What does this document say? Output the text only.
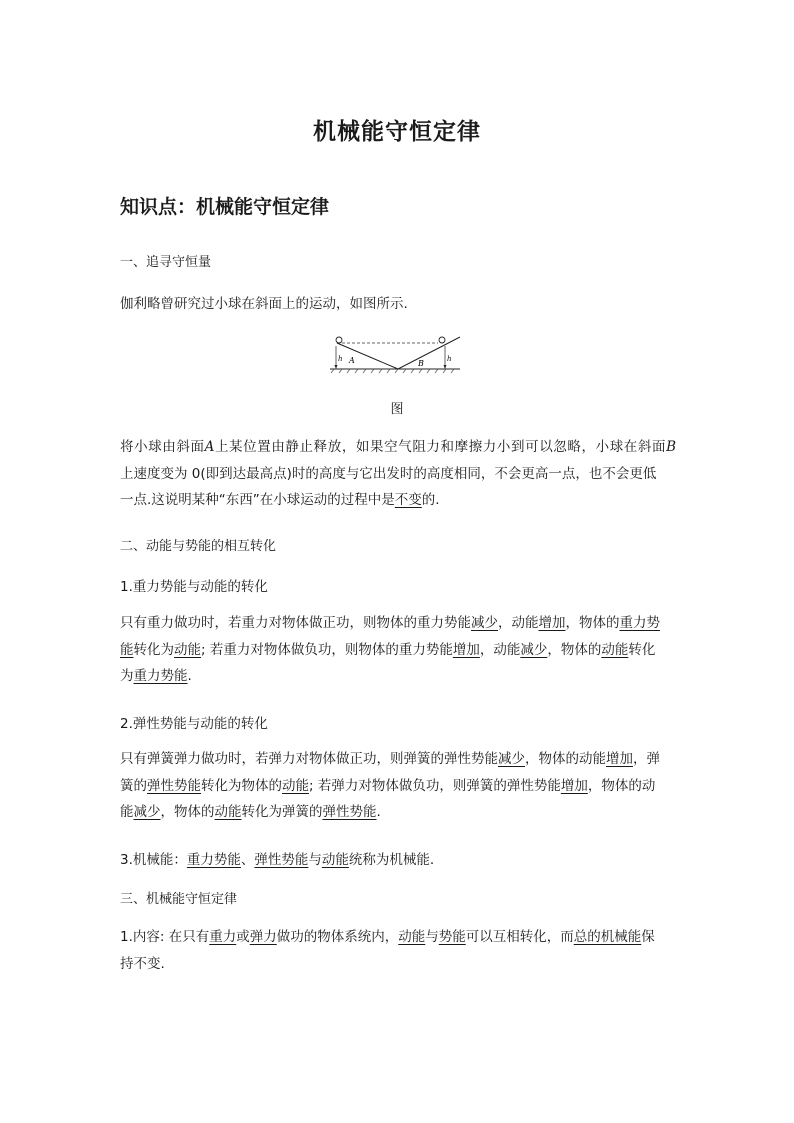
机械能守恒定律
知识点：机械能守恒定律
一、追寻守恒量
伽利略曾研究过小球在斜面上的运动，如图所示.
h	h
A	B
图
将小球由斜面A上某位置由静止释放，如果空气阻力和摩擦力小到可以忽略，小球在斜面B
上速度变为 0(即到达最高点)时的高度与它出发时的高度相同，不会更高一点，也不会更低
一点.这说明某种“东西”在小球运动的过程中是不变的.
二、动能与势能的相互转化
1.重力势能与动能的转化
只有重力做功时，若重力对物体做正功，则物体的重力势能减少，动能增加，物体的重力势
能转化为动能; 若重力对物体做负功，则物体的重力势能增加，动能减少，物体的动能转化
为重力势能.
2.弹性势能与动能的转化
只有弹簧弹力做功时，若弹力对物体做正功，则弹簧的弹性势能减少，物体的动能增加，弹
簧的弹性势能转化为物体的动能; 若弹力对物体做负功，则弹簧的弹性势能增加，物体的动
能减少，物体的动能转化为弹簧的弹性势能.
3.机械能：重力势能、弹性势能与动能统称为机械能.
三、机械能守恒定律
1.内容: 在只有重力或弹力做功的物体系统内，动能与势能可以互相转化，而总的机械能保
持不变.
